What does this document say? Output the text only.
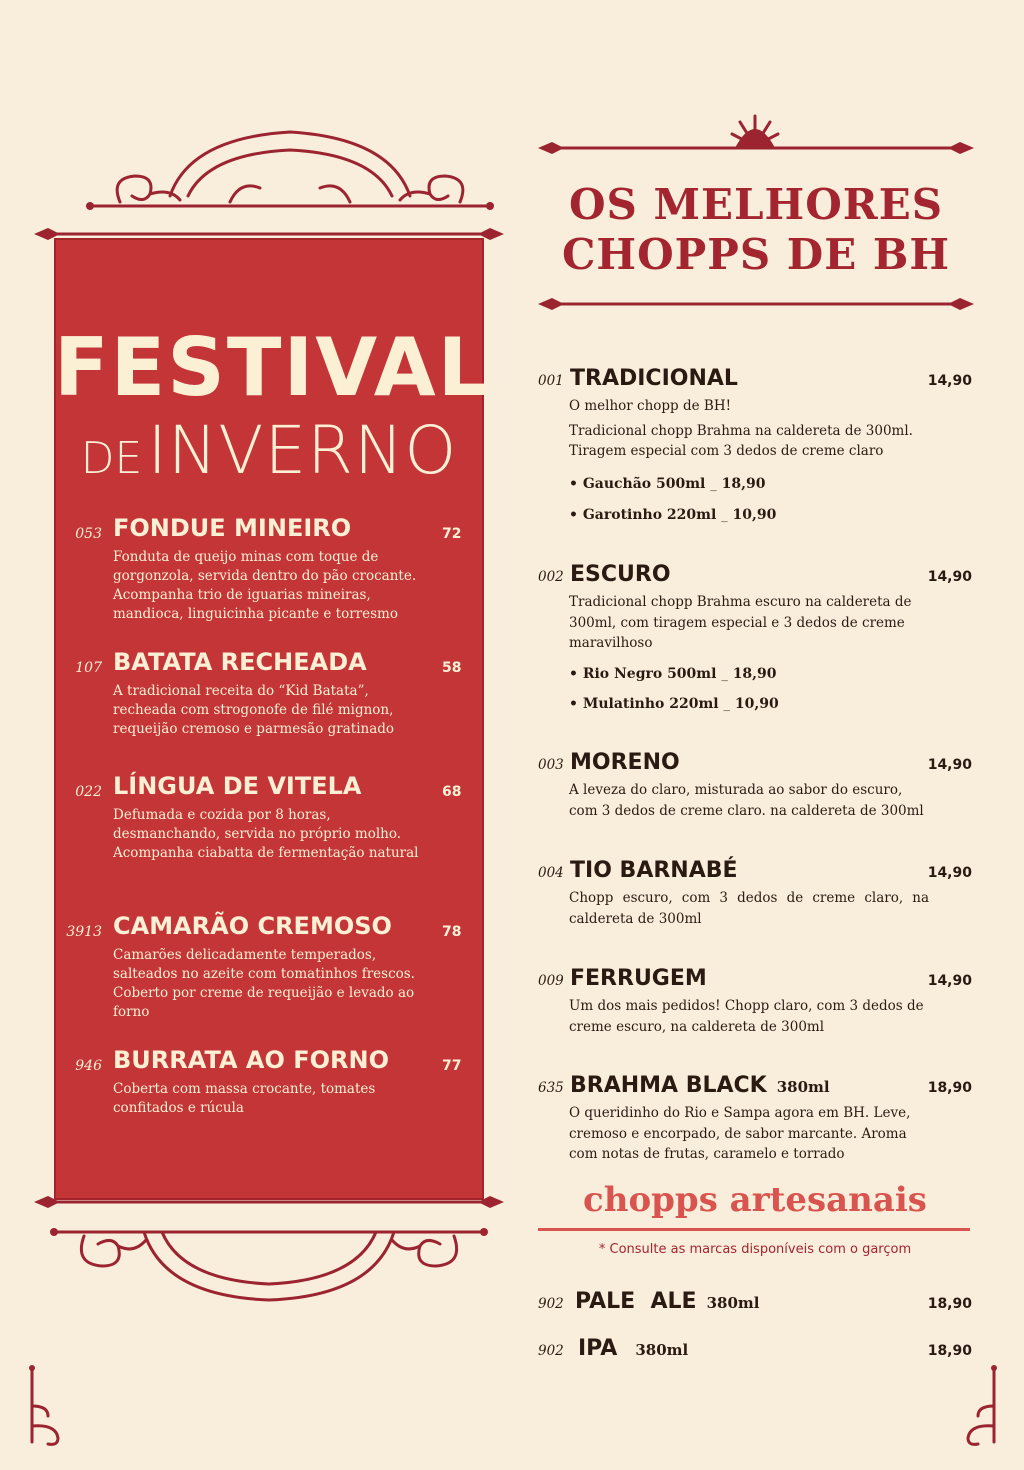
FESTIVAL
DE INVERNO
053 FONDUE MINEIRO	72
Fonduta de queijo minas com toque de gorgonzola, servida dentro do pão crocante. Acompanha trio de iguarias mineiras, mandioca, linguicinha picante e torresmo
107 BATATA RECHEADA	58
A tradicional receita do “Kid Batata”, recheada com strogonofe de filé mignon, requeijão cremoso e parmesão gratinado
022 LÍNGUA DE VITELA	68
Defumada e cozida por 8 horas, desmanchando, servida no próprio molho. Acompanha ciabatta de fermentação natural
3913 CAMARÃO CREMOSO	78
Camarões delicadamente temperados, salteados no azeite com tomatinhos frescos. Coberto por creme de requeijão e levado ao forno
946 BURRATA AO FORNO	77
Coberta com massa crocante, tomates confitados e rúcula
OS MELHORES
CHOPPS DE BH
001 TRADICIONAL	14,90
O melhor chopp de BH!
Tradicional chopp Brahma na caldereta de 300ml. Tiragem especial com 3 dedos de creme claro
• Gauchão 500ml _ 18,90
• Garotinho 220ml _ 10,90
002 ESCURO	14,90
Tradicional chopp Brahma escuro na caldereta de 300ml, com tiragem especial e 3 dedos de creme maravilhoso
• Rio Negro 500ml _ 18,90
• Mulatinho 220ml _ 10,90
003 MORENO	14,90
A leveza do claro, misturada ao sabor do escuro, com 3 dedos de creme claro. na caldereta de 300ml
004 TIO BARNABÉ	14,90
Chopp escuro, com 3 dedos de creme claro, na caldereta de 300ml
009 FERRUGEM	14,90
Um dos mais pedidos! Chopp claro, com 3 dedos de creme escuro, na caldereta de 300ml
635 BRAHMA BLACK 380ml	18,90
O queridinho do Rio e Sampa agora em BH. Leve, cremoso e encorpado, de sabor marcante. Aroma com notas de frutas, caramelo e torrado
chopps artesanais
* Consulte as marcas disponíveis com o garçom
902 PALE  ALE 380ml	18,90
902 IPA 380ml	18,90
